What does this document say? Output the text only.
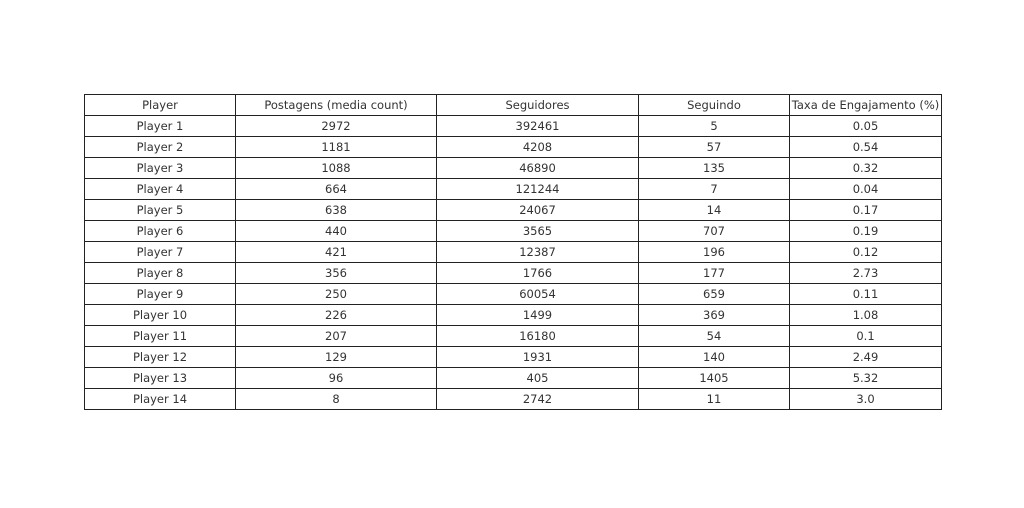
Player	Postagens (media count)	Seguidores	Seguindo	Taxa de Engajamento (%)
Player 1	2972	392461	5	0.05
Player 2	1181	4208	57	0.54
Player 3	1088	46890	135	0.32
Player 4	664	121244	7	0.04
Player 5	638	24067	14	0.17
Player 6	440	3565	707	0.19
Player 7	421	12387	196	0.12
Player 8	356	1766	177	2.73
Player 9	250	60054	659	0.11
Player 10	226	1499	369	1.08
Player 11	207	16180	54	0.1
Player 12	129	1931	140	2.49
Player 13	96	405	1405	5.32
Player 14	8	2742	11	3.0
